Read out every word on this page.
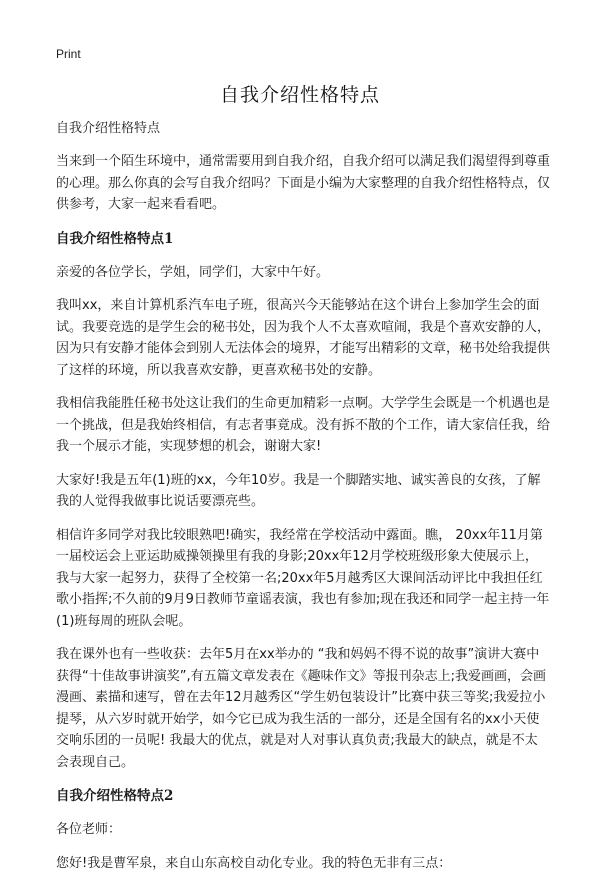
Print
自我介绍性格特点
自我介绍性格特点

当来到一个陌生环境中，通常需要用到自我介绍，自我介绍可以满足我们渴望得到尊重的心理。那么你真的会写自我介绍吗？下面是小编为大家整理的自我介绍性格特点，仅供参考，大家一起来看看吧。

自我介绍性格特点1

亲爱的各位学长，学姐，同学们，大家中午好。

我叫xx，来自计算机系汽车电子班，很高兴今天能够站在这个讲台上参加学生会的面试。我要竞选的是学生会的秘书处，因为我个人不太喜欢喧闹，我是个喜欢安静的人，因为只有安静才能体会到别人无法体会的境界，才能写出精彩的文章，秘书处给我提供了这样的环境，所以我喜欢安静，更喜欢秘书处的安静。

我相信我能胜任秘书处这让我们的生命更加精彩一点啊。大学学生会既是一个机遇也是一个挑战，但是我始终相信，有志者事竟成。没有拆不散的个工作，请大家信任我，给我一个展示才能，实现梦想的机会，谢谢大家!

大家好!我是五年(1)班的xx，今年10岁。我是一个脚踏实地、诚实善良的女孩，了解我的人觉得我做事比说话要漂亮些。

相信许多同学对我比较眼熟吧!确实，我经常在学校活动中露面。瞧， 20xx年11月第一届校运会上亚运助威操领操里有我的身影;20xx年12月学校班级形象大使展示上，我与大家一起努力，获得了全校第一名;20xx年5月越秀区大课间活动评比中我担任红歌小指挥;不久前的9月9日教师节童谣表演，我也有参加;现在我还和同学一起主持一年(1)班每周的班队会呢。

我在课外也有一些收获：去年5月在xx举办的 “我和妈妈不得不说的故事”演讲大赛中获得“十佳故事讲演奖”,有五篇文章发表在《趣味作文》等报刊杂志上;我爱画画，会画漫画、素描和速写，曾在去年12月越秀区“学生奶包装设计”比赛中获三等奖;我爱拉小提琴，从六岁时就开始学，如今它已成为我生活的一部分，还是全国有名的xx小天使交响乐团的一员呢! 我最大的优点，就是对人对事认真负责;我最大的缺点，就是不太会表现自己。

自我介绍性格特点2

各位老师：

您好!我是曹军泉，来自山东高校自动化专业。我的特色无非有三点：
